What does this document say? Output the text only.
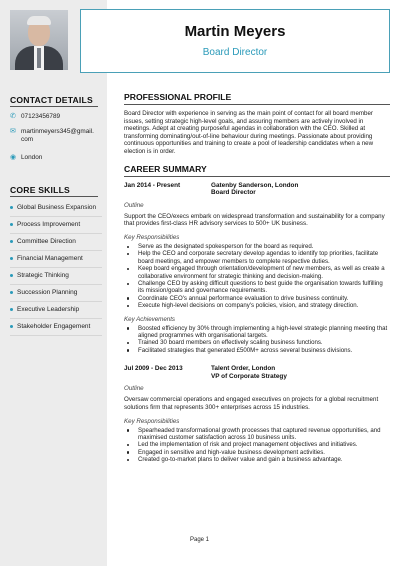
Martin Meyers
Board Director
CONTACT DETAILS
✆ 07123456789
✉ martinmeyers345@gmail.
com
◉ London
CORE SKILLS
Global Business Expansion
Process Improvement
Committee Direction
Financial Management
Strategic Thinking
Succession Planning
Executive Leadership
Stakeholder Engagement
PROFESSIONAL PROFILE

Board Director with experience in serving as the main point of contact for all board member issues, setting strategic high-level goals, and assuring members are actively involved in meetings. Adept at creating purposeful agendas in collaboration with the CEO. Skilled at transforming dominating/out-of-line behaviour during meetings. Passionate about providing continuous opportunities and training to create a pool of leadership candidates when a new election is in order.

CAREER SUMMARY
Jan 2014 - Present	Gatenby Sanderson, London
Board Director
Outline

Support the CEO/execs embark on widespread transformation and sustainability for a company that provides first-class HR advisory services to 500+ UK business.

Key Responsibilities
Serve as the designated spokesperson for the board as required.
Help the CEO and corporate secretary develop agendas to identify top priorities, facilitate board meetings, and empower members to complete respective duties.
Keep board engaged through orientation/development of new members, as well as create a collaborative environment for strategic thinking and decision-making.
Challenge CEO by asking difficult questions to best guide the organisation towards fulfilling its mission/goals and governance requirements.
Coordinate CEO's annual performance evaluation to drive business continuity.
Execute high-level decisions on company's policies, vision, and strategy direction.
Key Achievements
Boosted efficiency by 30% through implementing a high-level strategic planning meeting that aligned programmes with organisational targets.
Trained 30 board members on effectively scaling business functions.
Facilitated strategies that generated £500M+ across several business divisions.
Jul 2009 - Dec 2013	Talent Order, London
VP of Corporate Strategy
Outline

Oversaw commercial operations and engaged executives on projects for a global recruitment solutions firm that represents 300+ enterprises across 15 industries.

Key Responsibilities
Spearheaded transformational growth processes that captured revenue opportunities, and maximised customer satisfaction across 10 business units.
Led the implementation of risk and project management objectives and initiatives.
Engaged in sensitive and high-value business development activities.
Created go-to-market plans to deliver value and gain a business advantage.
Page 1
